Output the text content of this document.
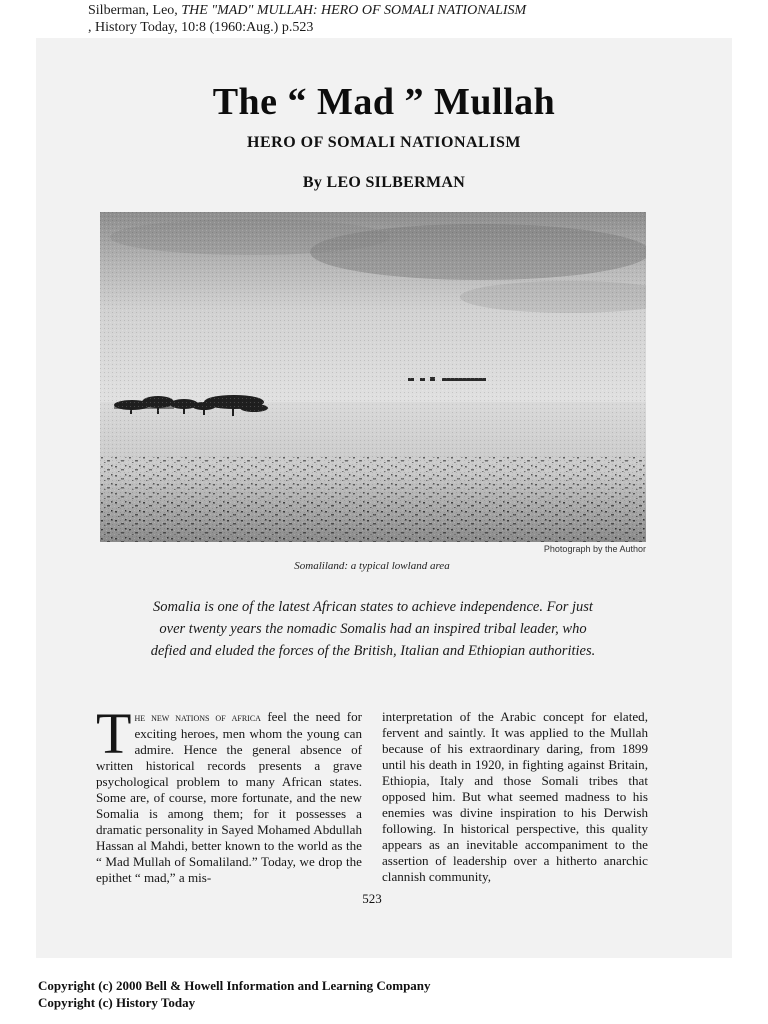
Silberman, Leo, THE "MAD" MULLAH: HERO OF SOMALI NATIONALISM
, History Today, 10:8 (1960:Aug.) p.523
The “ Mad ” Mullah
HERO OF SOMALI NATIONALISM
By LEO SILBERMAN
Photograph by the Author
Somaliland: a typical lowland area
Somalia is one of the latest African states to achieve independence. For just over twenty years the nomadic Somalis had an inspired tribal leader, who defied and eluded the forces of the British, Italian and Ethiopian authorities.

The new nations of africa feel the need for exciting heroes, men whom the young can admire. Hence the general absence of written historical records presents a grave psychological problem to many African states. Some are, of course, more fortunate, and the new Somalia is among them; for it possesses a dramatic personality in Sayed Mohamed Abdullah Hassan al Mahdi, better known to the world as the “ Mad Mullah of Somaliland.” Today, we drop the epithet “ mad,” a mis-

interpretation of the Arabic concept for elated, fervent and saintly. It was applied to the Mullah because of his extraordinary daring, from 1899 until his death in 1920, in fighting against Britain, Ethiopia, Italy and those Somali tribes that opposed him. But what seemed madness to his enemies was divine inspiration to his Derwish following. In historical perspective, this quality appears as an inevitable accompaniment to the assertion of leadership over a hitherto anarchic clannish community,

523
Copyright (c) 2000 Bell & Howell Information and Learning Company
Copyright (c) History Today
